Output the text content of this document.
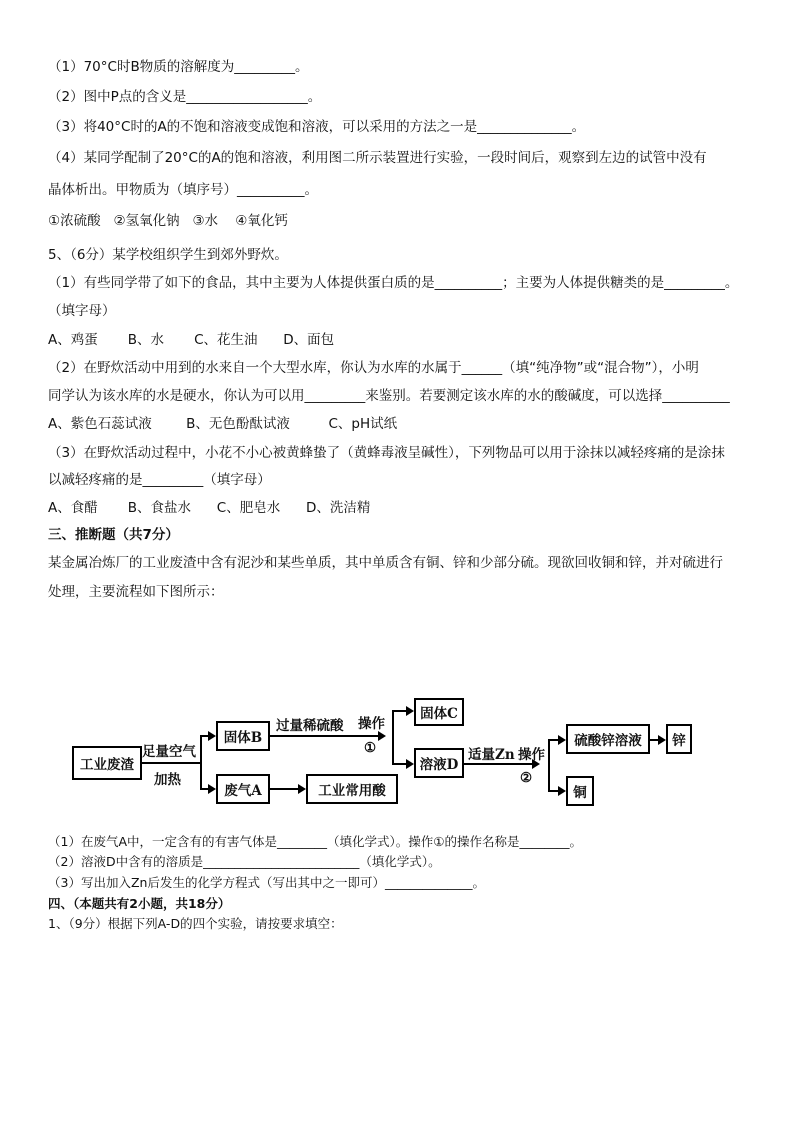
（1）70°C时B物质的溶解度为_________。
（2）图中P点的含义是__________________。
（3）将40°C时的A的不饱和溶液变成饱和溶液，可以采用的方法之一是______________。
（4）某同学配制了20°C的A的饱和溶液，利用图二所示装置进行实验，一段时间后，观察到左边的试管中没有
晶体析出。甲物质为（填序号）__________。
①浓硫酸   ②氢氧化钠   ③水    ④氧化钙
5、（6分）某学校组织学生到郊外野炊。
（1）有些同学带了如下的食品，其中主要为人体提供蛋白质的是__________；主要为人体提供糖类的是_________。
（填字母）
A、鸡蛋       B、水       C、花生油      D、面包
（2）在野炊活动中用到的水来自一个大型水库，你认为水库的水属于______（填“纯净物”或“混合物”），小明
同学认为该水库的水是硬水，你认为可以用_________来鉴别。若要测定该水库的水的酸碱度，可以选择__________
A、紫色石蕊试液        B、无色酚酞试液         C、pH试纸
（3）在野炊活动过程中，小花不小心被黄蜂蛰了（黄蜂毒液呈碱性），下列物品可以用于涂抹以减轻疼痛的是涂抹
以减轻疼痛的是_________（填字母）
A、食醋       B、食盐水      C、肥皂水      D、洗洁精
三、推断题（共7分）
某金属冶炼厂的工业废渣中含有泥沙和某些单质，其中单质含有铜、锌和少部分硫。现欲回收铜和锌，并对硫进行
处理，主要流程如下图所示：
（1）在废气A中，一定含有的有害气体是________（填化学式）。操作①的操作名称是________。
（2）溶液D中含有的溶质是_________________________（填化学式）。
（3）写出加入Zn后发生的化学方程式（写出其中之一即可）______________。
四、（本题共有2小题，共18分）
1、（9分）根据下列A-D的四个实验，请按要求填空：
工业废渣
固体B
废气A	工业常用酸
固体C
溶液D
硫酸锌溶液 锌
铜
足量空气
加热
过量稀硫酸 操作
①	适量Zn 操作
②
